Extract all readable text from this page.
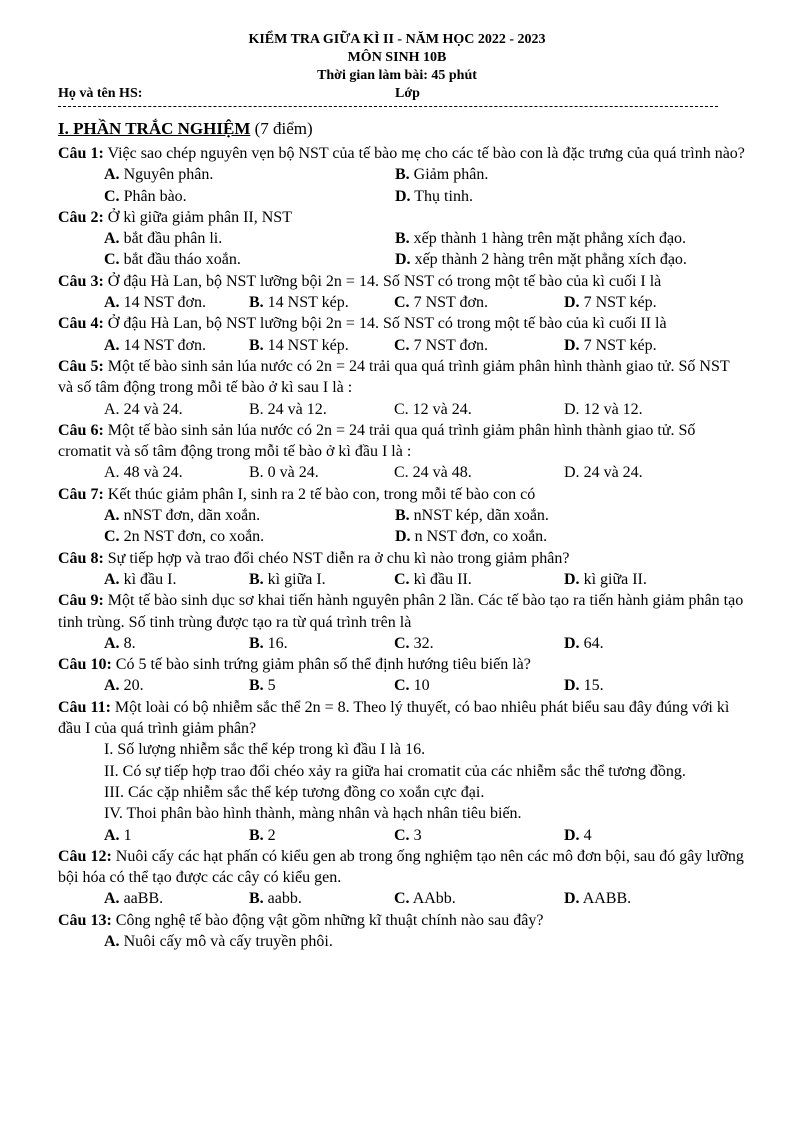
KIỂM TRA GIỮA KÌ II - NĂM HỌC 2022 - 2023
MÔN SINH 10B
Thời gian làm bài: 45 phút
Họ và tên HS:	Lớp
I. PHẦN TRẮC NGHIỆM (7 điểm)

Câu 1: Việc sao chép nguyên vẹn bộ NST của tế bào mẹ cho các tế bào con là đặc trưng của quá trình nào?

A. Nguyên phân.	B. Giảm phân.
C. Phân bào.	D. Thụ tinh.

Câu 2: Ở kì giữa giảm phân II, NST

A. bắt đầu phân li.	B. xếp thành 1 hàng trên mặt phẳng xích đạo.
C. bắt đầu tháo xoắn.	D. xếp thành 2 hàng trên mặt phẳng xích đạo.

Câu 3: Ở đậu Hà Lan, bộ NST lưỡng bội 2n = 14. Số NST có trong một tế bào của kì cuối I là

A. 14 NST đơn.	B. 14 NST kép.	C. 7 NST đơn.	D. 7 NST kép.

Câu 4: Ở đậu Hà Lan, bộ NST lưỡng bội 2n = 14. Số NST có trong một tế bào của kì cuối II là

A. 14 NST đơn.	B. 14 NST kép.	C. 7 NST đơn.	D. 7 NST kép.

Câu 5: Một tế bào sinh sản lúa nước có 2n = 24 trải qua quá trình giảm phân hình thành giao tử. Số NST và số tâm động trong mỗi tế bào ở kì sau I là :

A. 24 và 24.	B. 24 và 12.	C. 12 và 24.	D. 12 và 12.

Câu 6: Một tế bào sinh sản lúa nước có 2n = 24 trải qua quá trình giảm phân hình thành giao tử. Số cromatit và số tâm động trong mỗi tế bào ở kì đầu I là :

A. 48 và 24.	B. 0 và 24.	C. 24 và 48.	D. 24 và 24.

Câu 7: Kết thúc giảm phân I, sinh ra 2 tế bào con, trong mỗi tế bào con có

A. nNST đơn, dãn xoắn.	B. nNST kép, dãn xoắn.
C. 2n NST đơn, co xoắn.	D. n NST đơn, co xoắn.

Câu 8: Sự tiếp hợp và trao đổi chéo NST diễn ra ở chu kì nào trong giảm phân?

A. kì đầu I.	B. kì giữa I.	C. kì đầu II.	D. kì giữa II.

Câu 9: Một tế bào sinh dục sơ khai tiến hành nguyên phân 2 lần. Các tế bào tạo ra tiến hành giảm phân tạo tinh trùng. Số tinh trùng được tạo ra từ quá trình trên là

A. 8.	B. 16.	C. 32.	D. 64.

Câu 10: Có 5 tế bào sinh trứng giảm phân số thể định hướng tiêu biến là?

A. 20.	B. 5	C. 10	D. 15.

Câu 11: Một loài có bộ nhiễm sắc thể 2n = 8. Theo lý thuyết, có bao nhiêu phát biểu sau đây đúng với kì đầu I của quá trình giảm phân?

I. Số lượng nhiễm sắc thể kép trong kì đầu I là 16.

II. Có sự tiếp hợp trao đổi chéo xảy ra giữa hai cromatit của các nhiễm sắc thể tương đồng.

III. Các cặp nhiễm sắc thể kép tương đồng co xoắn cực đại.

IV. Thoi phân bào hình thành, màng nhân và hạch nhân tiêu biến.

A. 1	B. 2	C. 3	D. 4

Câu 12: Nuôi cấy các hạt phấn có kiểu gen ab trong ống nghiệm tạo nên các mô đơn bội, sau đó gây lưỡng bội hóa có thể tạo được các cây có kiểu gen.

A. aaBB.	B. aabb.	C. AAbb.	D. AABB.

Câu 13: Công nghệ tế bào động vật gồm những kĩ thuật chính nào sau đây?

A. Nuôi cấy mô và cấy truyền phôi.
